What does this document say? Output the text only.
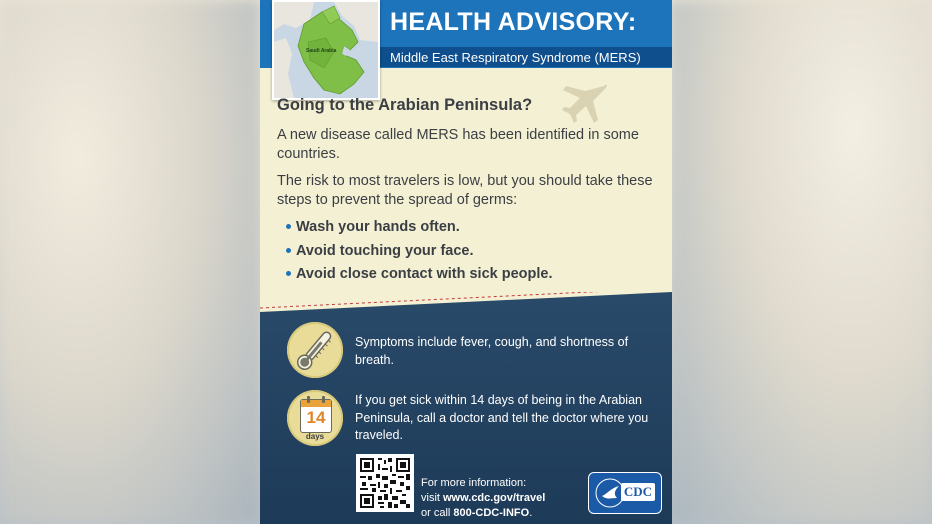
Saudi Arabia
HEALTH ADVISORY:
Middle East Respiratory Syndrome (MERS)
Going to the Arabian Peninsula?
A new disease called MERS has been identified in some countries.
The risk to most travelers is low, but you should take these steps to prevent the spread of germs:
Wash your hands often.
Avoid touching your face.
Avoid close contact with sick people.
Symptoms include fever, cough, and shortness of breath.
14
days
If you get sick within 14 days of being in the Arabian Peninsula, call a doctor and tell the doctor where you traveled.
For more information:
visit www.cdc.gov/travel
or call 800-CDC-INFO.
CDC
